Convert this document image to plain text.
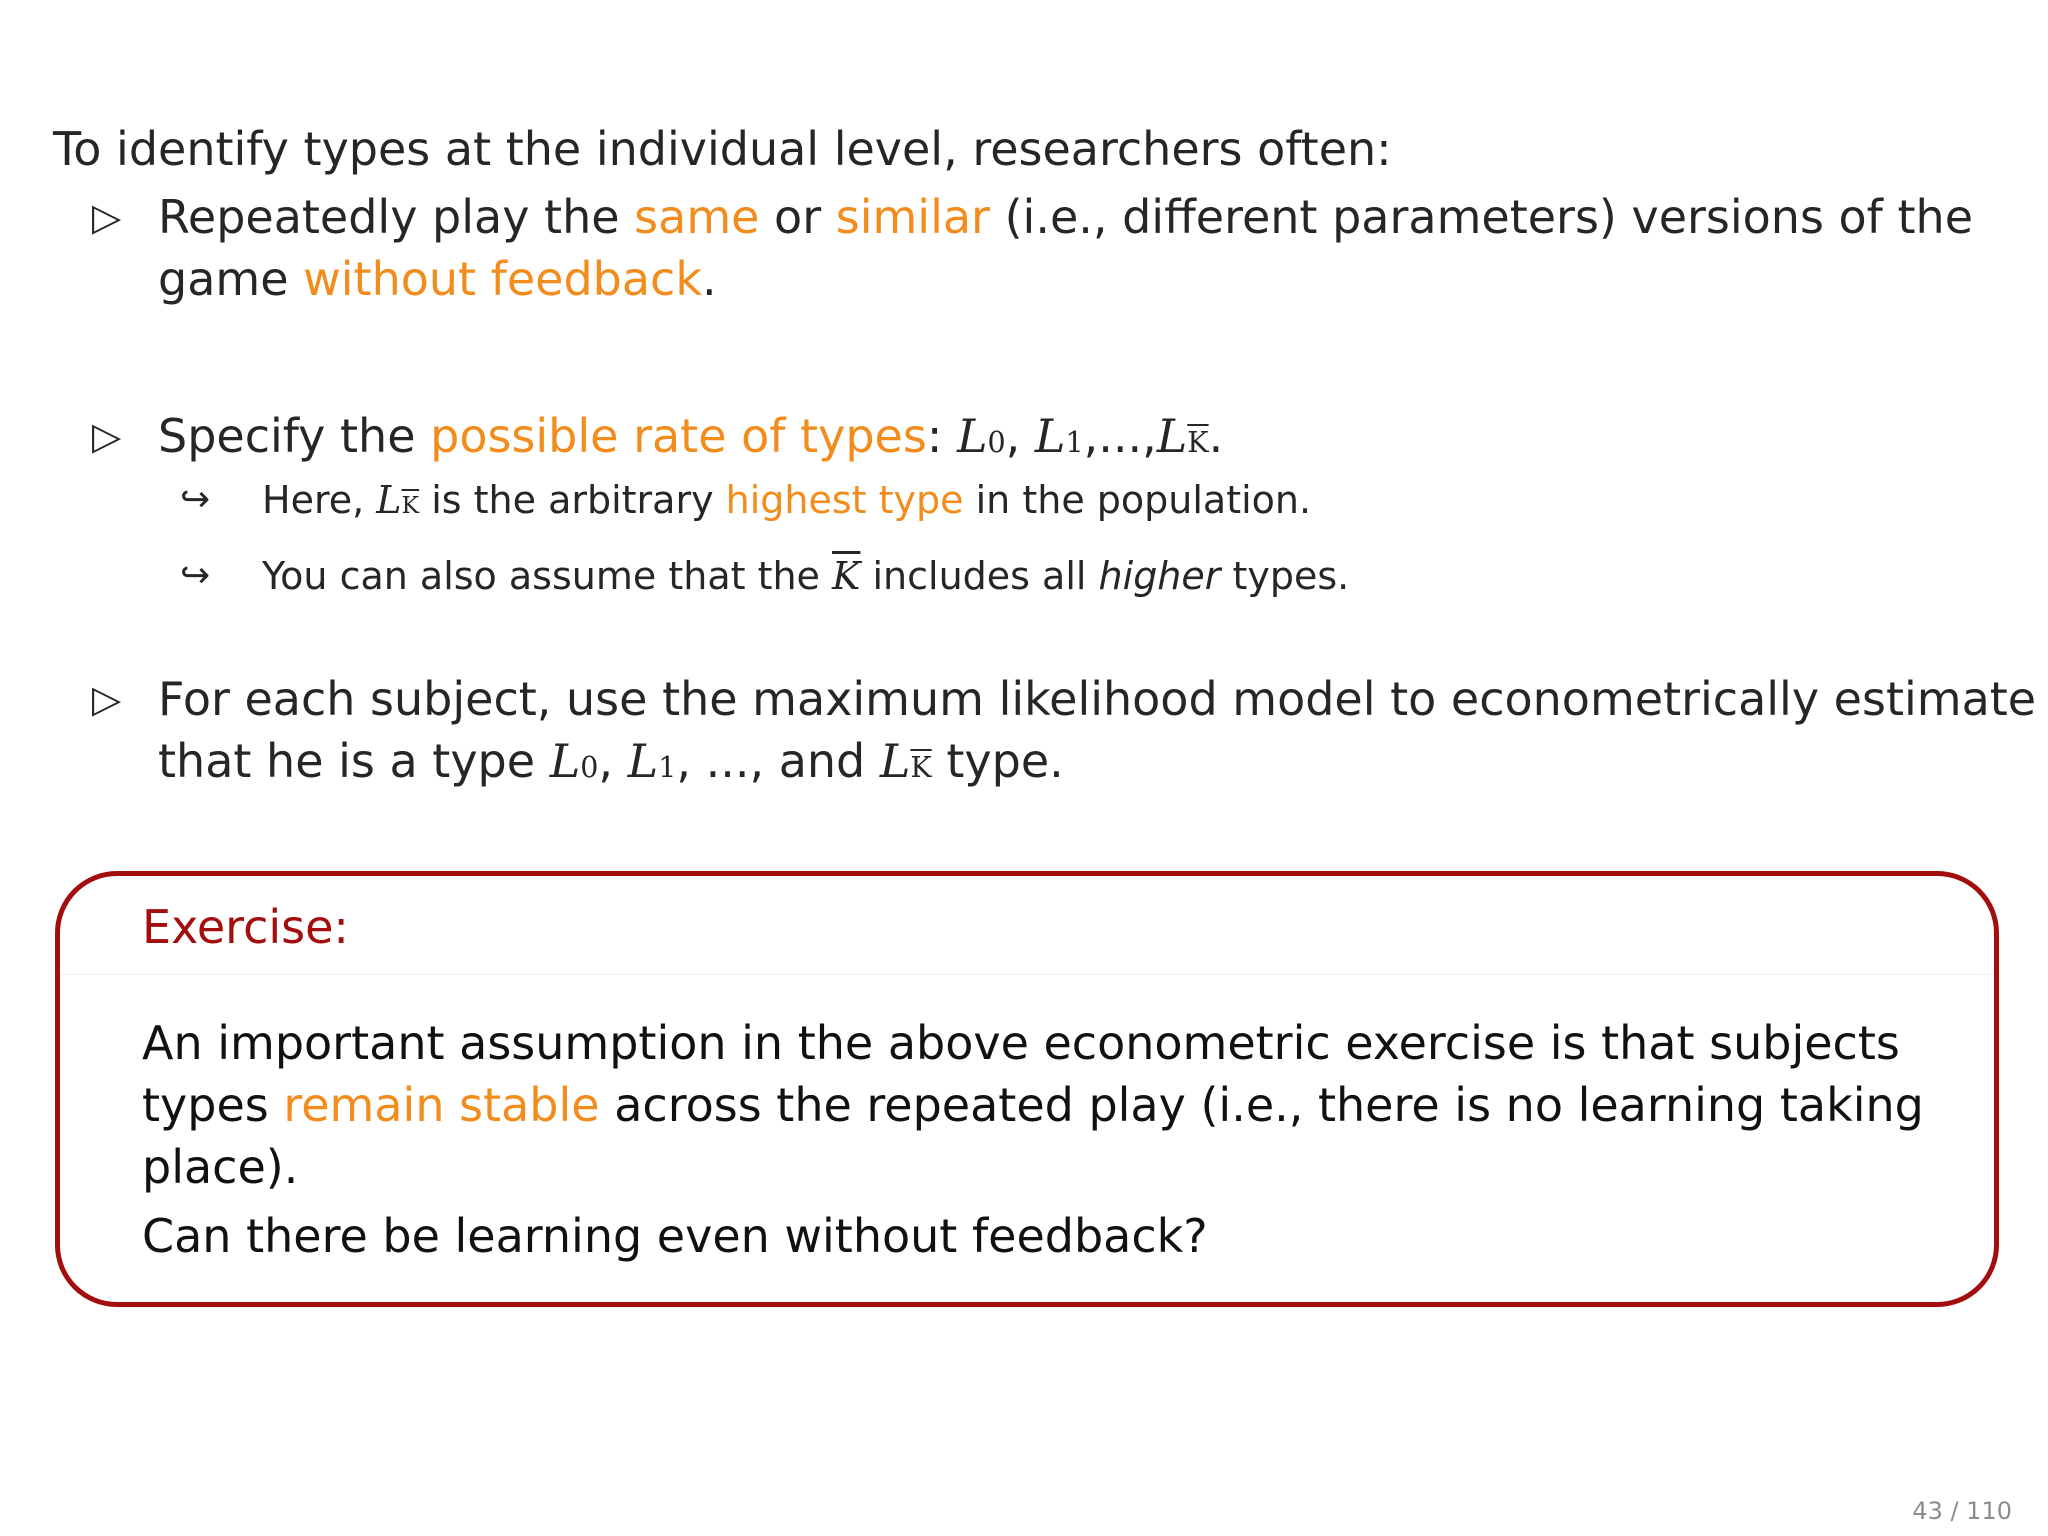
To identify types at the individual level, researchers often:
▷ Repeatedly play the same or similar (i.e., different parameters) versions of the game without feedback.
▷ Specify the possible rate of types: L0, $L1,...,L\overline{K}$.
↪	Here, $L\overline{K}$ is the arbitrary highest type in the population.
↪	You can also assume that the $\overline{K}$ includes all higher types.
▷ For each subject, use the maximum likelihood model to econometrically estimate
that he is a type L0, L1, ..., and $L\overline{K}$ type.
Exercise:
An important assumption in the above econometric exercise is that subjects types remain stable across the repeated play (i.e., there is no learning taking place).
Can there be learning even without feedback?
43 / 110
